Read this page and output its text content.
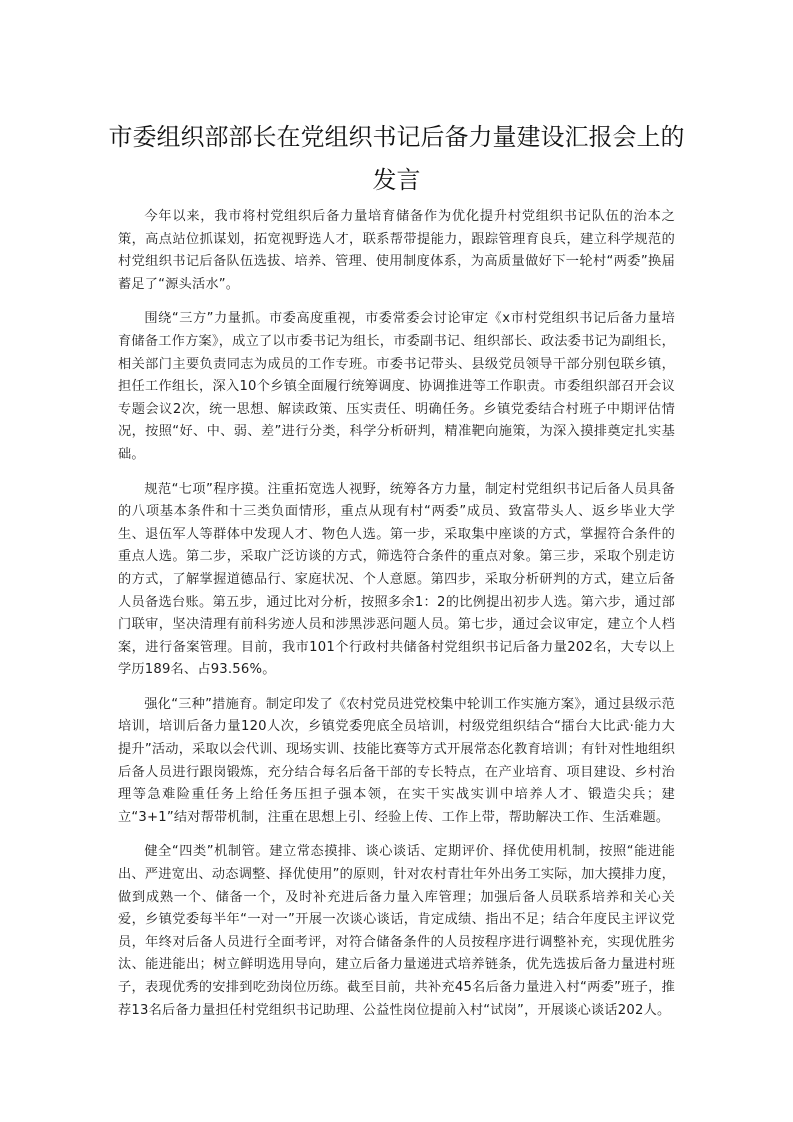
市委组织部部长在党组织书记后备力量建设汇报会上的发言

今年以来，我市将村党组织后备力量培育储备作为优化提升村党组织书记队伍的治本之策，高点站位抓谋划，拓宽视野选人才，联系帮带提能力，跟踪管理育良兵，建立科学规范的村党组织书记后备队伍选拔、培养、管理、使用制度体系，为高质量做好下一轮村“两委”换届蓄足了“源头活水”。

围绕“三方”力量抓。市委高度重视，市委常委会讨论审定《x市村党组织书记后备力量培育储备工作方案》，成立了以市委书记为组长，市委副书记、组织部长、政法委书记为副组长，相关部门主要负责同志为成员的工作专班。市委书记带头、县级党员领导干部分别包联乡镇，担任工作组长，深入10个乡镇全面履行统筹调度、协调推进等工作职责。市委组织部召开会议专题会议2次，统一思想、解读政策、压实责任、明确任务。乡镇党委结合村班子中期评估情况，按照“好、中、弱、差”进行分类，科学分析研判，精准靶向施策，为深入摸排奠定扎实基础。

规范“七项”程序摸。注重拓宽选人视野，统筹各方力量，制定村党组织书记后备人员具备的八项基本条件和十三类负面情形，重点从现有村“两委”成员、致富带头人、返乡毕业大学生、退伍军人等群体中发现人才、物色人选。第一步，采取集中座谈的方式，掌握符合条件的重点人选。第二步，采取广泛访谈的方式，筛选符合条件的重点对象。第三步，采取个别走访的方式，了解掌握道德品行、家庭状况、个人意愿。第四步，采取分析研判的方式，建立后备人员备选台账。第五步，通过比对分析，按照多余1：2的比例提出初步人选。第六步，通过部门联审，坚决清理有前科劣迹人员和涉黑涉恶问题人员。第七步，通过会议审定，建立个人档案，进行备案管理。目前，我市101个行政村共储备村党组织书记后备力量202名，大专以上学历189名、占93.56%。

强化“三种”措施育。制定印发了《农村党员进党校集中轮训工作实施方案》，通过县级示范培训，培训后备力量120人次，乡镇党委兜底全员培训，村级党组织结合“擂台大比武·能力大提升”活动，采取以会代训、现场实训、技能比赛等方式开展常态化教育培训；有针对性地组织后备人员进行跟岗锻炼，充分结合每名后备干部的专长特点，在产业培育、项目建设、乡村治理等急难险重任务上给任务压担子强本领，在实干实战实训中培养人才、锻造尖兵；建立“3+1”结对帮带机制，注重在思想上引、经验上传、工作上带，帮助解决工作、生活难题。

健全“四类”机制管。建立常态摸排、谈心谈话、定期评价、择优使用机制，按照“能进能出、严进宽出、动态调整、择优使用”的原则，针对农村青壮年外出务工实际，加大摸排力度，做到成熟一个、储备一个，及时补充进后备力量入库管理；加强后备人员联系培养和关心关爱，乡镇党委每半年“一对一”开展一次谈心谈话，肯定成绩、指出不足；结合年度民主评议党员，年终对后备人员进行全面考评，对符合储备条件的人员按程序进行调整补充，实现优胜劣汰、能进能出；树立鲜明选用导向，建立后备力量递进式培养链条，优先选拔后备力量进村班子，表现优秀的安排到吃劲岗位历练。截至目前，共补充45名后备力量进入村“两委”班子，推荐13名后备力量担任村党组织书记助理、公益性岗位提前入村“试岗”，开展谈心谈话202人。
